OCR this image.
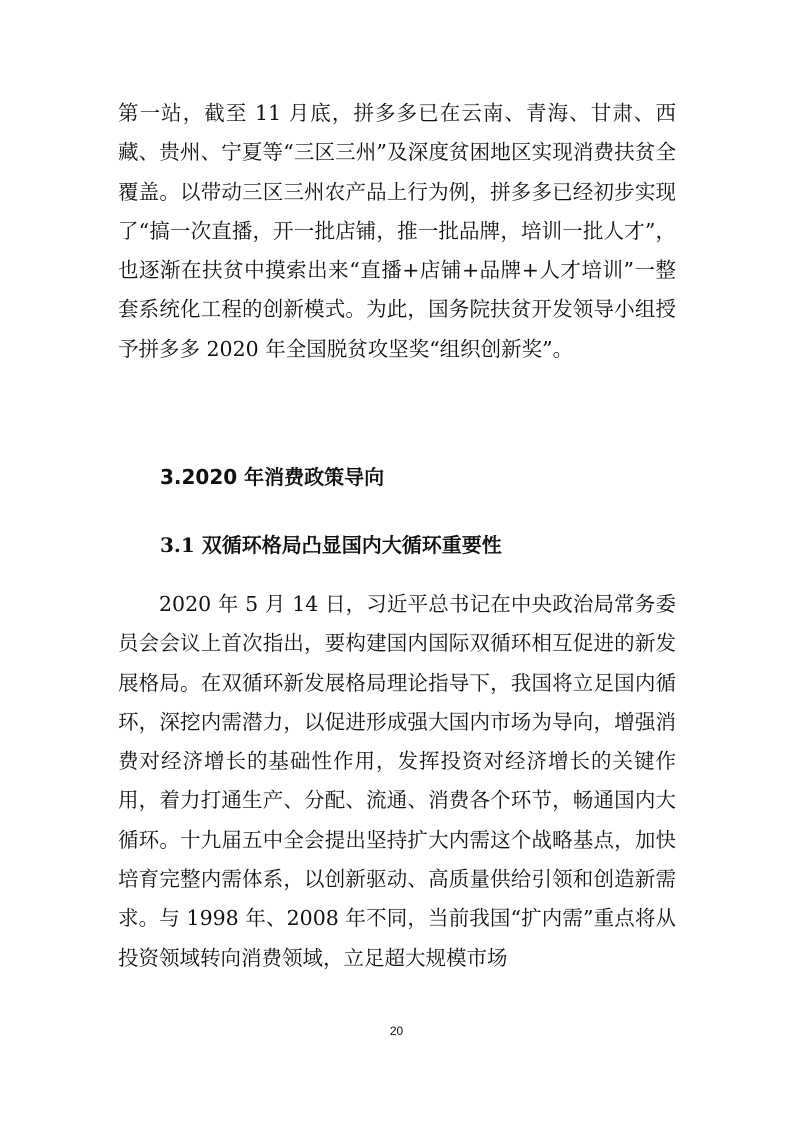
第一站，截至 11 月底，拼多多已在云南、青海、甘肃、西藏、贵州、宁夏等“三区三州”及深度贫困地区实现消费扶贫全覆盖。以带动三区三州农产品上行为例，拼多多已经初步实现了“搞一次直播，开一批店铺，推一批品牌，培训一批人才”，也逐渐在扶贫中摸索出来“直播+店铺+品牌+人才培训”一整套系统化工程的创新模式。为此，国务院扶贫开发领导小组授予拼多多 2020 年全国脱贫攻坚奖“组织创新奖”。

3.2020 年消费政策导向
3.1 双循环格局凸显国内大循环重要性

2020 年 5 月 14 日，习近平总书记在中央政治局常务委员会会议上首次指出，要构建国内国际双循环相互促进的新发展格局。在双循环新发展格局理论指导下，我国将立足国内循环，深挖内需潜力，以促进形成强大国内市场为导向，增强消费对经济增长的基础性作用，发挥投资对经济增长的关键作用，着力打通生产、分配、流通、消费各个环节，畅通国内大循环。十九届五中全会提出坚持扩大内需这个战略基点，加快培育完整内需体系，以创新驱动、高质量供给引领和创造新需求。与 1998 年、2008 年不同，当前我国“扩内需”重点将从投资领域转向消费领域，立足超大规模市场

20
